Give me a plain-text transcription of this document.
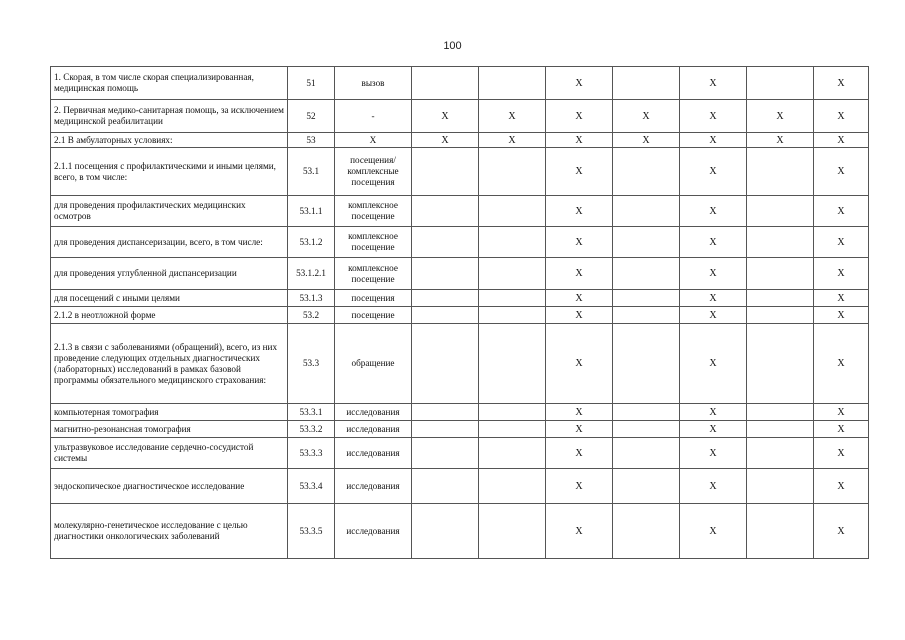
100
1. Скорая, в том числе скорая специализированная, медицинская помощь	51	вызов			X		X		X
2. Первичная медико-санитарная помощь, за исключением медицинской реабилитации	52	-	X	X	X	X	X	X	X
2.1 В амбулаторных условиях:	53	X	X	X	X	X	X	X	X
2.1.1 посещения с профилактическими и иными целями, всего, в том числе:	53.1	посещения/комплексные посещения			X		X		X
для проведения профилактических медицинских осмотров	53.1.1	комплексное посещение			X		X		X
для проведения диспансеризации, всего, в том числе:	53.1.2	комплексное посещение			X		X		X
для проведения углубленной диспансеризации	53.1.2.1	комплексное посещение			X		X		X
для посещений с иными целями	53.1.3	посещения			X		X		X
2.1.2 в неотложной форме	53.2	посещение			X		X		X
2.1.3 в связи с заболеваниями (обращений), всего, из них проведение следующих отдельных диагностических (лабораторных) исследований в рамках базовой программы обязательного медицинского страхования:	53.3	обращение			X		X		X
компьютерная томография	53.3.1	исследования			X		X		X
магнитно-резонансная томография	53.3.2	исследования			X		X		X
ультразвуковое исследование сердечно-сосудистой системы	53.3.3	исследования			X		X		X
эндоскопическое диагностическое исследование	53.3.4	исследования			X		X		X
молекулярно-генетическое исследование с целью диагностики онкологических заболеваний	53.3.5	исследования			X		X		X
